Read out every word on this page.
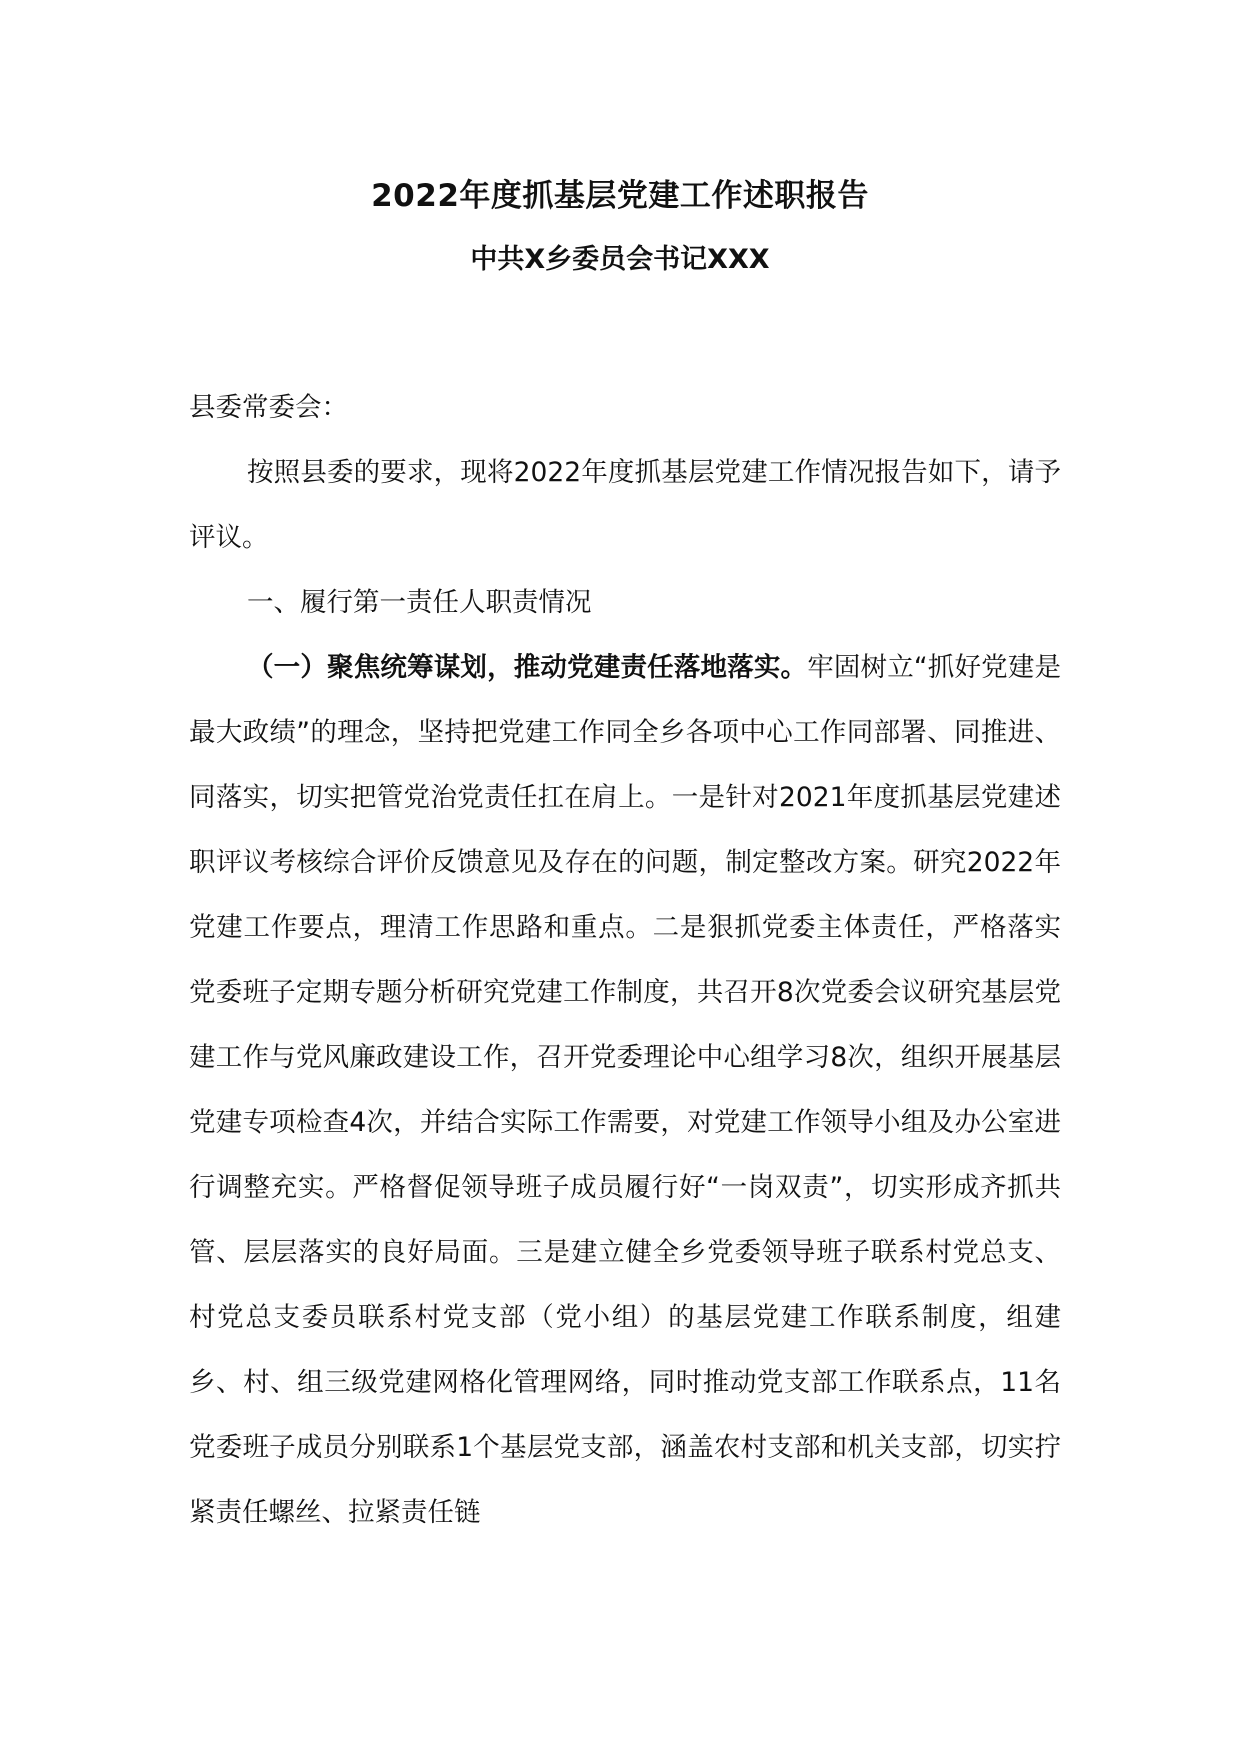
2022年度抓基层党建工作述职报告
中共X乡委员会书记XXX

县委常委会：

按照县委的要求，现将2022年度抓基层党建工作情况报告如下，请予评议。

一、履行第一责任人职责情况

（一）聚焦统筹谋划，推动党建责任落地落实。牢固树立“抓好党建是最大政绩”的理念，坚持把党建工作同全乡各项中心工作同部署、同推进、同落实，切实把管党治党责任扛在肩上。一是针对2021年度抓基层党建述职评议考核综合评价反馈意见及存在的问题，制定整改方案。研究2022年党建工作要点，理清工作思路和重点。二是狠抓党委主体责任，严格落实党委班子定期专题分析研究党建工作制度，共召开8次党委会议研究基层党建工作与党风廉政建设工作，召开党委理论中心组学习8次，组织开展基层党建专项检查4次，并结合实际工作需要，对党建工作领导小组及办公室进行调整充实。严格督促领导班子成员履行好“一岗双责”，切实形成齐抓共管、层层落实的良好局面。三是建立健全乡党委领导班子联系村党总支、村党总支委员联系村党支部（党小组）的基层党建工作联系制度，组建乡、村、组三级党建网格化管理网络，同时推动党支部工作联系点，11名党委班子成员分别联系1个基层党支部，涵盖农村支部和机关支部，切实拧紧责任螺丝、拉紧责任链
